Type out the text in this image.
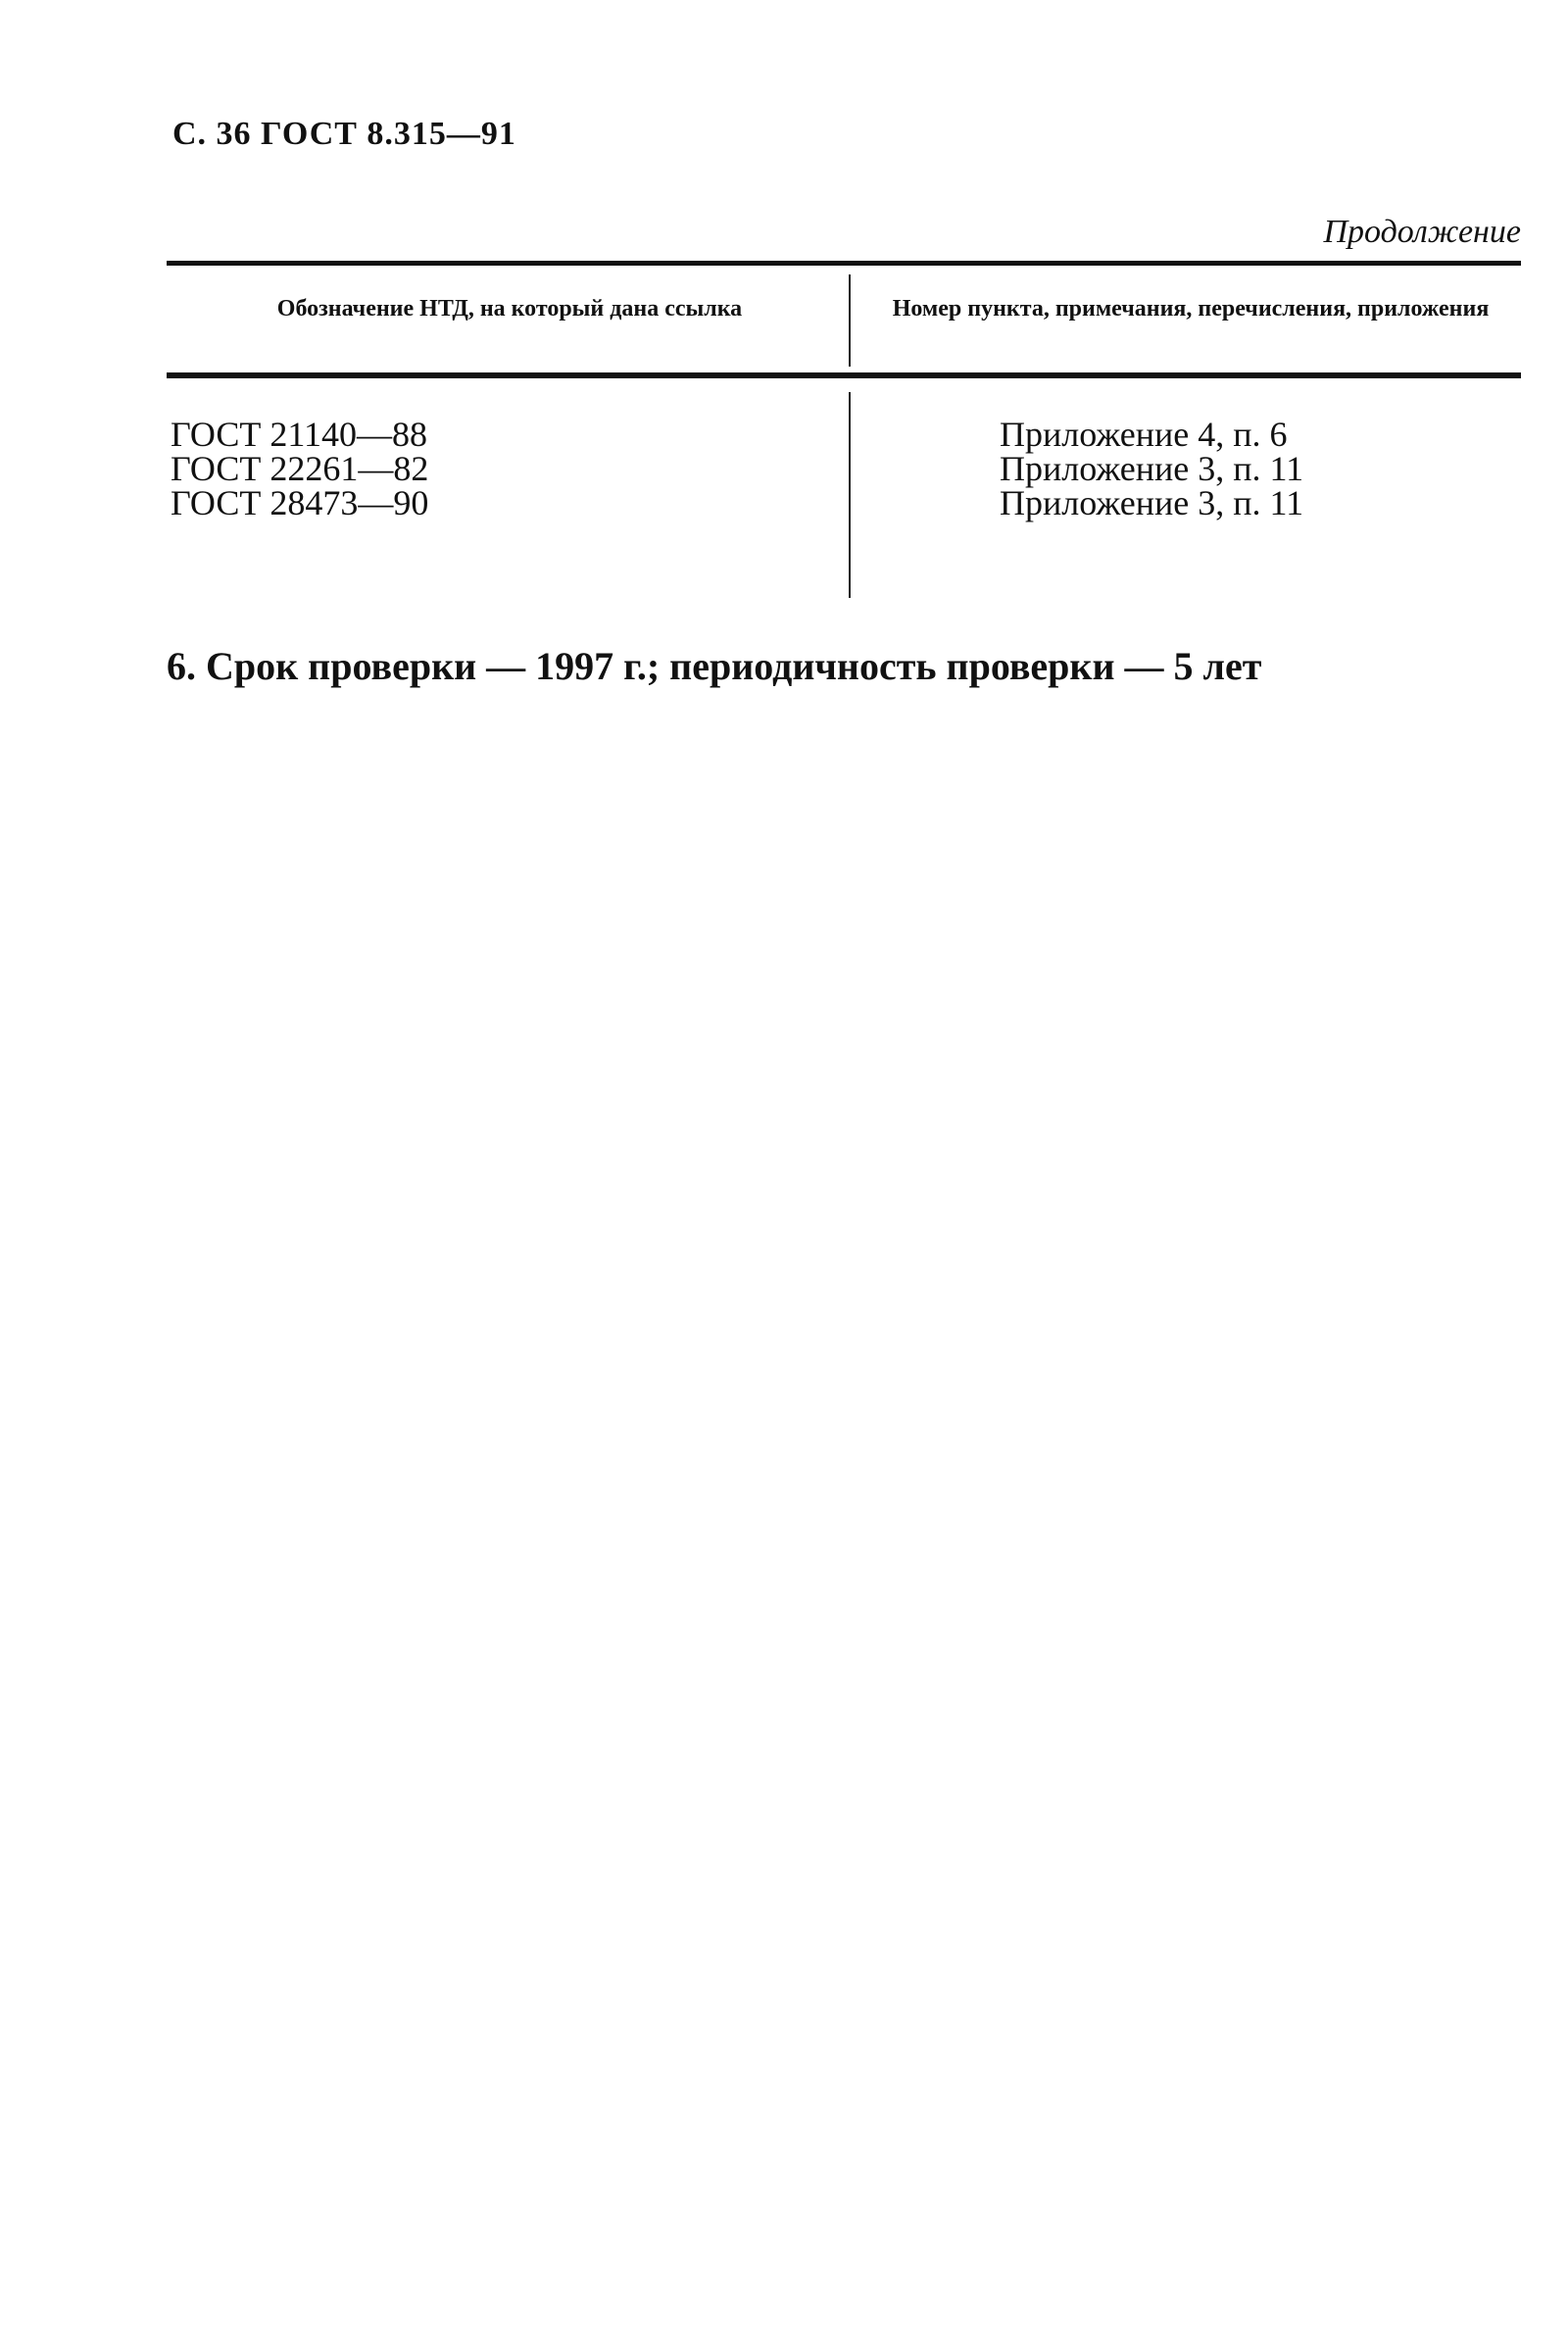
С. 36 ГОСТ 8.315—91
Продолжение
Обозначение НТД, на который дана ссылка	Номер пункта, примечания, перечисления, приложения
ГОСТ 21140—88
ГОСТ 22261—82
ГОСТ 28473—90
Приложение 4, п. 6
Приложение 3, п. 11
Приложение 3, п. 11
6. Срок проверки — 1997 г.; периодичность проверки — 5 лет
